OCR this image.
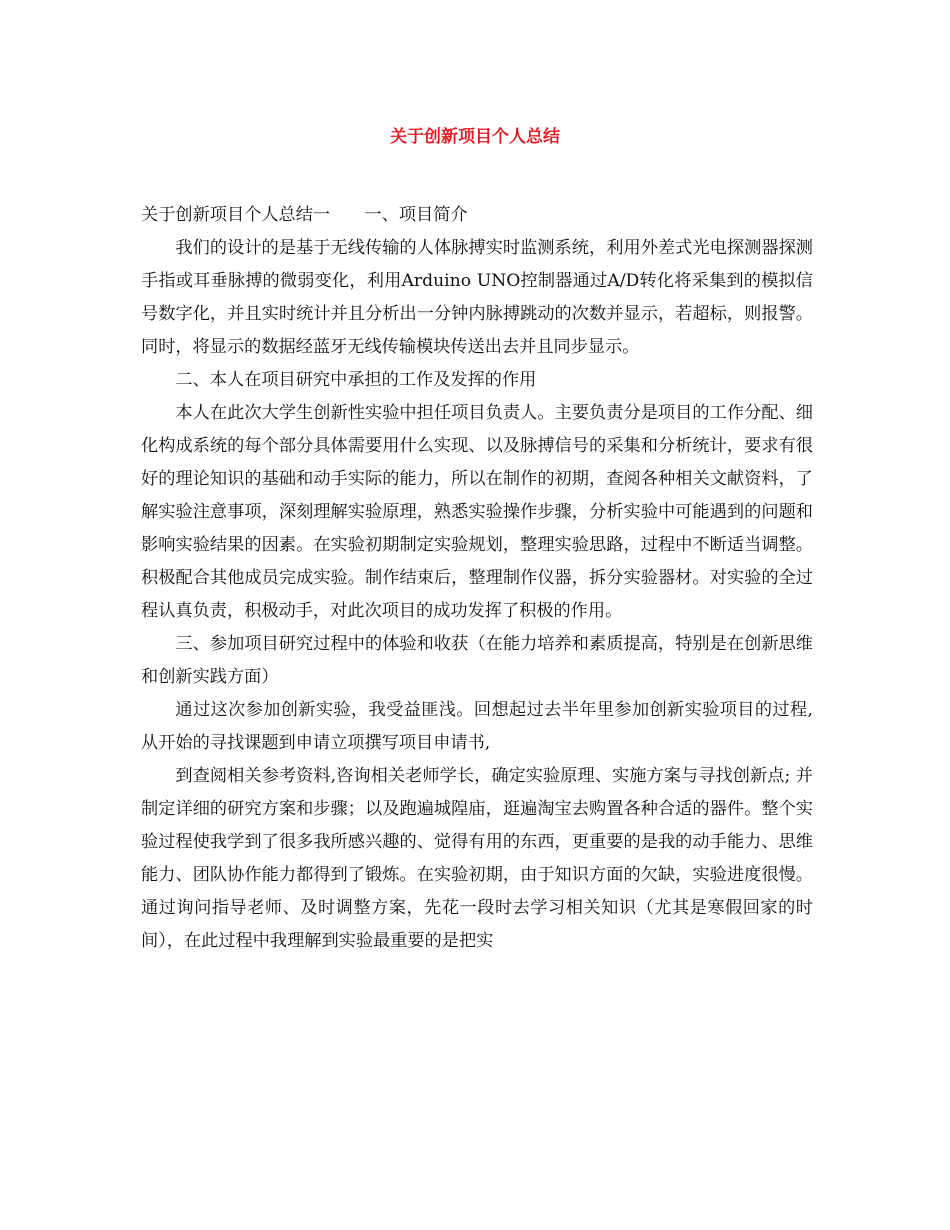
关于创新项目个人总结

关于创新项目个人总结一　　一、项目简介

我们的设计的是基于无线传输的人体脉搏实时监测系统，利用外差式光电探测器探测手指或耳垂脉搏的微弱变化，利用Arduino UNO控制器通过A/D转化将采集到的模拟信号数字化，并且实时统计并且分析出一分钟内脉搏跳动的次数并显示，若超标，则报警。同时，将显示的数据经蓝牙无线传输模块传送出去并且同步显示。

二、本人在项目研究中承担的工作及发挥的作用

本人在此次大学生创新性实验中担任项目负责人。主要负责分是项目的工作分配、细化构成系统的每个部分具体需要用什么实现、以及脉搏信号的采集和分析统计，要求有很好的理论知识的基础和动手实际的能力，所以在制作的初期，查阅各种相关文献资料，了解实验注意事项，深刻理解实验原理，熟悉实验操作步骤，分析实验中可能遇到的问题和影响实验结果的因素。在实验初期制定实验规划，整理实验思路，过程中不断适当调整。积极配合其他成员完成实验。制作结束后，整理制作仪器，拆分实验器材。对实验的全过程认真负责，积极动手，对此次项目的成功发挥了积极的作用。

三、参加项目研究过程中的体验和收获（在能力培养和素质提高，特别是在创新思维和创新实践方面）

通过这次参加创新实验，我受益匪浅。回想起过去半年里参加创新实验项目的过程, 从开始的寻找课题到申请立项撰写项目申请书,

到查阅相关参考资料,咨询相关老师学长，确定实验原理、实施方案与寻找创新点; 并制定详细的研究方案和步骤；以及跑遍城隍庙，逛遍淘宝去购置各种合适的器件。整个实验过程使我学到了很多我所感兴趣的、觉得有用的东西，更重要的是我的动手能力、思维能力、团队协作能力都得到了锻炼。在实验初期，由于知识方面的欠缺，实验进度很慢。通过询问指导老师、及时调整方案，先花一段时去学习相关知识（尤其是寒假回家的时间），在此过程中我理解到实验最重要的是把实
